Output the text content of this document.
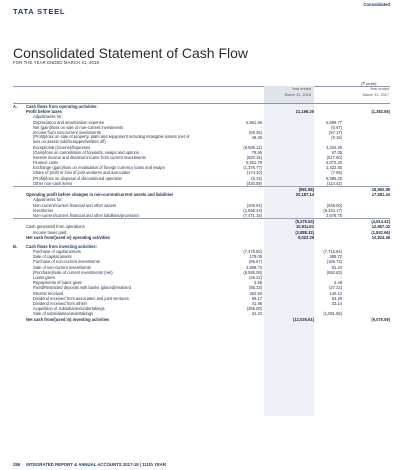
TATA STEEL
Consolidated
Consolidated Statement of Cash Flow
FOR THE YEAR ENDED MARCH 31, 2018
(₹ crore)
Year ended
March 31, 2018
Year ended
March 31, 2017
A. Cash flows from operating activities:
Profit before taxes	21,168.20	(1,382.55)
Adjustments for:
Depreciation and amortisation expense	5,961.66	5,689.77
Net (gain)/loss on sale of non-current investments	-	(0.97)
Income from non-current investments	(68.25)	(57.17)
(Profit)/loss on sale of property, plant and equipment including intangible assets (net of loss on assets sold/scrapped/written off)
49.29	(0.15)
Exceptional (income)/Expenses	(9,599.12)	4,324.25
(Gain)/loss on cancellation of forwards, swaps and options	79.55	67.05
Interest income and dividend income from current investments	(920.15)	(517.60)
Finance costs	5,501.79	5,072.20
Exchange (gain)/loss on revaluation of foreign currency loans and swaps	(1,376.77)	1,422.50
Share of profit or loss of joint ventures and associates	(174.10)	(7.65)
(Profit)/loss on disposal of discontinued operation	(5.15)	5,085.32
Other non-cash items	(430.59)	(114.42)
(981.86)	18,962.99
Operating profit before changes in non-current/current assets and liabilities	20,187.14	17,581.44
Adjustments for:
Non-current/current financial and other assets	(208.94)	(548.00)
Inventories	(1,595.43)	(8,343.17)
Non-current/current financial and other liabilities/provisions	(7,471.16)	3,676.75
(9,275.53)	(4,914.42)
Cash generated from operations	10,911.61	12,667.02
Income taxes paid	(2,888.32)	(1,842.66)
Net cash from/(used in) operating activities	8,022.29	10,824.36
B. Cash flows from investing activities:
Purchase of capital assets	(7,478.50)	(7,715.64)
Sale of capital assets	179.05	388.72
Purchase of non-current investments	(85.67)	(169.73)
Sale of non-current investments	3,898.74	91.24
(Purchase)/sale of current investments (net)	(8,555.08)	(692.63)
Loans given	(46.22)	-
Repayments of loans given	2.56	4.48
Fixed/Restricted deposits with banks (placed)/realised	(85.33)	(27.22)
Interest received	254.50	140.12
Dividend received from associates and joint ventures	69.17	53.29
Dividend received from others	41.95	32.14
Acquisition of subsidiaries/undertakings	(255.00)	-
Sale of subsidiaries/undertakings	34.22	(1,081.56)
Net cash from/(used in) investing activities	(12,025.61)	(9,075.59)
286 INTEGRATED REPORT & ANNUAL ACCOUNTS 2017-18 | 111th YEAR
